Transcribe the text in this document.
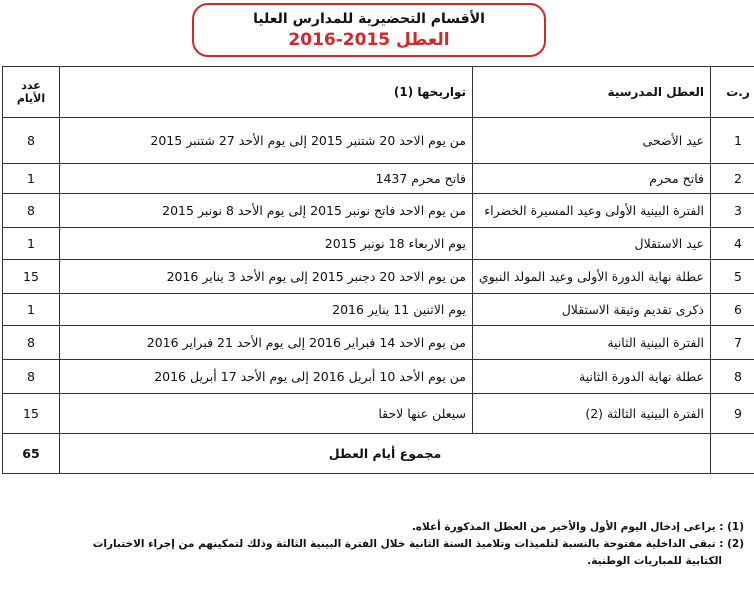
الأقسام التحضيرية للمدارس العليا
العطل 2015-2016
ر.ت	العطل المدرسية	تواريخها (1)	عدد الأيام
1	عيد الأضحى	من يوم الاحد 20 شتنبر 2015 إلى يوم الأحد 27 شتنبر 2015	8
2	فاتح محرم	فاتح محرم 1437	1
3	الفترة البينية الأولى وعيد المسيرة الخضراء	من يوم الاحد فاتح نونبر 2015 إلى يوم الأحد 8 نونبر 2015	8
4	عيد الاستقلال	يوم الاربعاء 18 نونبر 2015	1
5	عطلة نهاية الدورة الأولى وعيد المولد النبوي	من يوم الاحد 20 دجنبر 2015 إلى يوم الأحد 3 يناير 2016	15
6	ذكرى تقديم وثيقة الاستقلال	يوم الاثنين 11 يناير 2016	1
7	الفترة البينية الثانية	من يوم الاحد 14 فبراير 2016 إلى يوم الأحد 21 فبراير 2016	8
8	عطلة نهاية الدورة الثانية	من يوم الأحد 10 أبريل 2016 إلى يوم الأحد 17 أبريل 2016	8
9	الفترة البينية الثالثة (2)	سيعلن عنها لاحقا	15
	مجموع أيام العطل		65
(1) : يراعى إدخال اليوم الأول والأخير من العطل المذكورة أعلاه.
(2) : تبقى الداخلية مفتوحة بالنسبة لتلميذات وتلاميذ السنة الثانية خلال الفترة البينية الثالثة وذلك لتمكينهم من إجراء الاختبارات
الكتابية للمباريات الوطنية.
